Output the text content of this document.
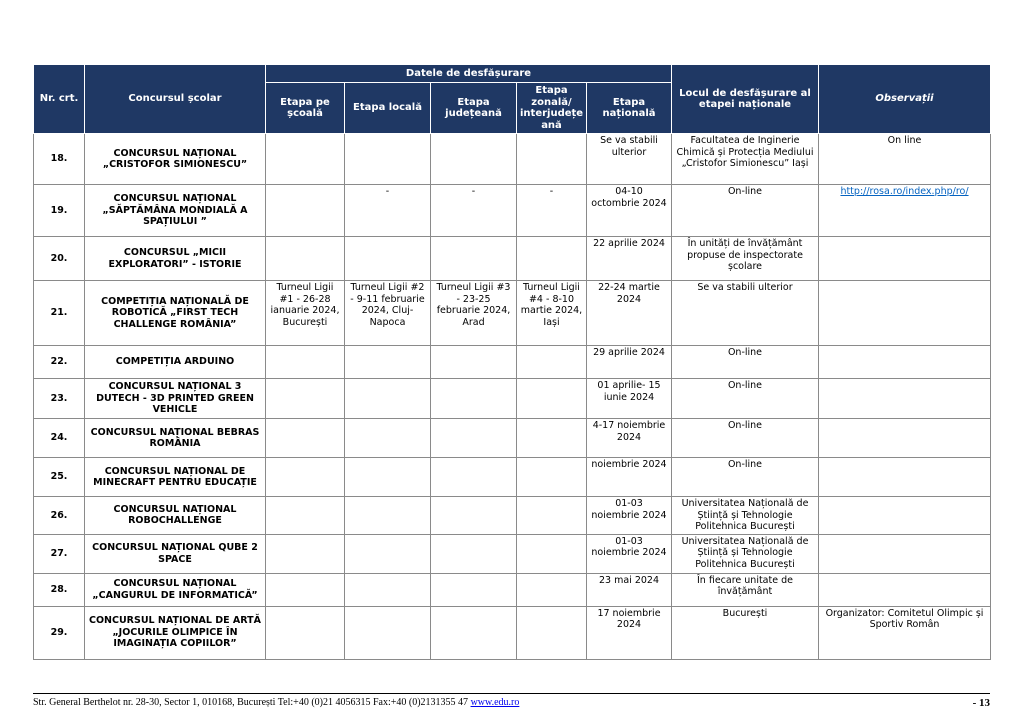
Nr. crt.	Concursul școlar	Datele de desfășurare					Locul de desfășurare al etapei naționale	Observații
		Etapa pe școală	Etapa locală	Etapa județeană	Etapa zonală/ interjudețe ană	Etapa națională		
18.	CONCURSUL NAȚIONAL „CRISTOFOR SIMIONESCU”					Se va stabili ulterior	Facultatea de Inginerie Chimică și Protecția Mediului „Cristofor Simionescu” Iași	On line
19.	CONCURSUL NAȚIONAL „SĂPTĂMÂNA MONDIALĂ A SPAȚIULUI ”		-	-	-	04-10 octombrie 2024	On-line	http://rosa.ro/index.php/ro/
20.	CONCURSUL „MICII EXPLORATORI” - ISTORIE					22 aprilie 2024	În unități de învățământ propuse de inspectorate școlare	
21.	COMPETIȚIA NAȚIONALĂ DE ROBOTICĂ „FIRST TECH CHALLENGE ROMÂNIA”	Turneul Ligii #1 - 26-28 ianuarie 2024, București	Turneul Ligii #2 - 9-11 februarie 2024, Cluj-Napoca	Turneul Ligii #3 - 23-25 februarie 2024, Arad	Turneul Ligii #4 - 8-10 martie 2024, Iași	22-24 martie 2024	Se va stabili ulterior	
22.	COMPETIȚIA ARDUINO					29 aprilie 2024	On-line	
23.	CONCURSUL NAȚIONAL 3 DUTECH - 3D PRINTED GREEN VEHICLE					01 aprilie- 15 iunie 2024	On-line	
24.	CONCURSUL NAȚIONAL BEBRAS ROMÂNIA					4-17 noiembrie 2024	On-line	
25.	CONCURSUL NAȚIONAL DE MINECRAFT PENTRU EDUCAȚIE					noiembrie 2024	On-line	
26.	CONCURSUL NAȚIONAL ROBOCHALLENGE					01-03 noiembrie 2024	Universitatea Națională de Știință și Tehnologie Politehnica București	
27.	CONCURSUL NAȚIONAL QUBE 2 SPACE					01-03 noiembrie 2024	Universitatea Națională de Știință și Tehnologie Politehnica București	
28.	CONCURSUL NAȚIONAL „CANGURUL DE INFORMATICĂ”					23 mai 2024	În fiecare unitate de învățământ	
29.	CONCURSUL NAȚIONAL DE ARTĂ „JOCURILE OLIMPICE ÎN IMAGINAȚIA COPIILOR”					17 noiembrie 2024	București	Organizator: Comitetul Olimpic și Sportiv Român
Str. General Berthelot nr. 28-30, Sector 1, 010168, București Tel:+40 (0)21 4056315 Fax:+40 (0)2131355 47 www.edu.ro	- 13
